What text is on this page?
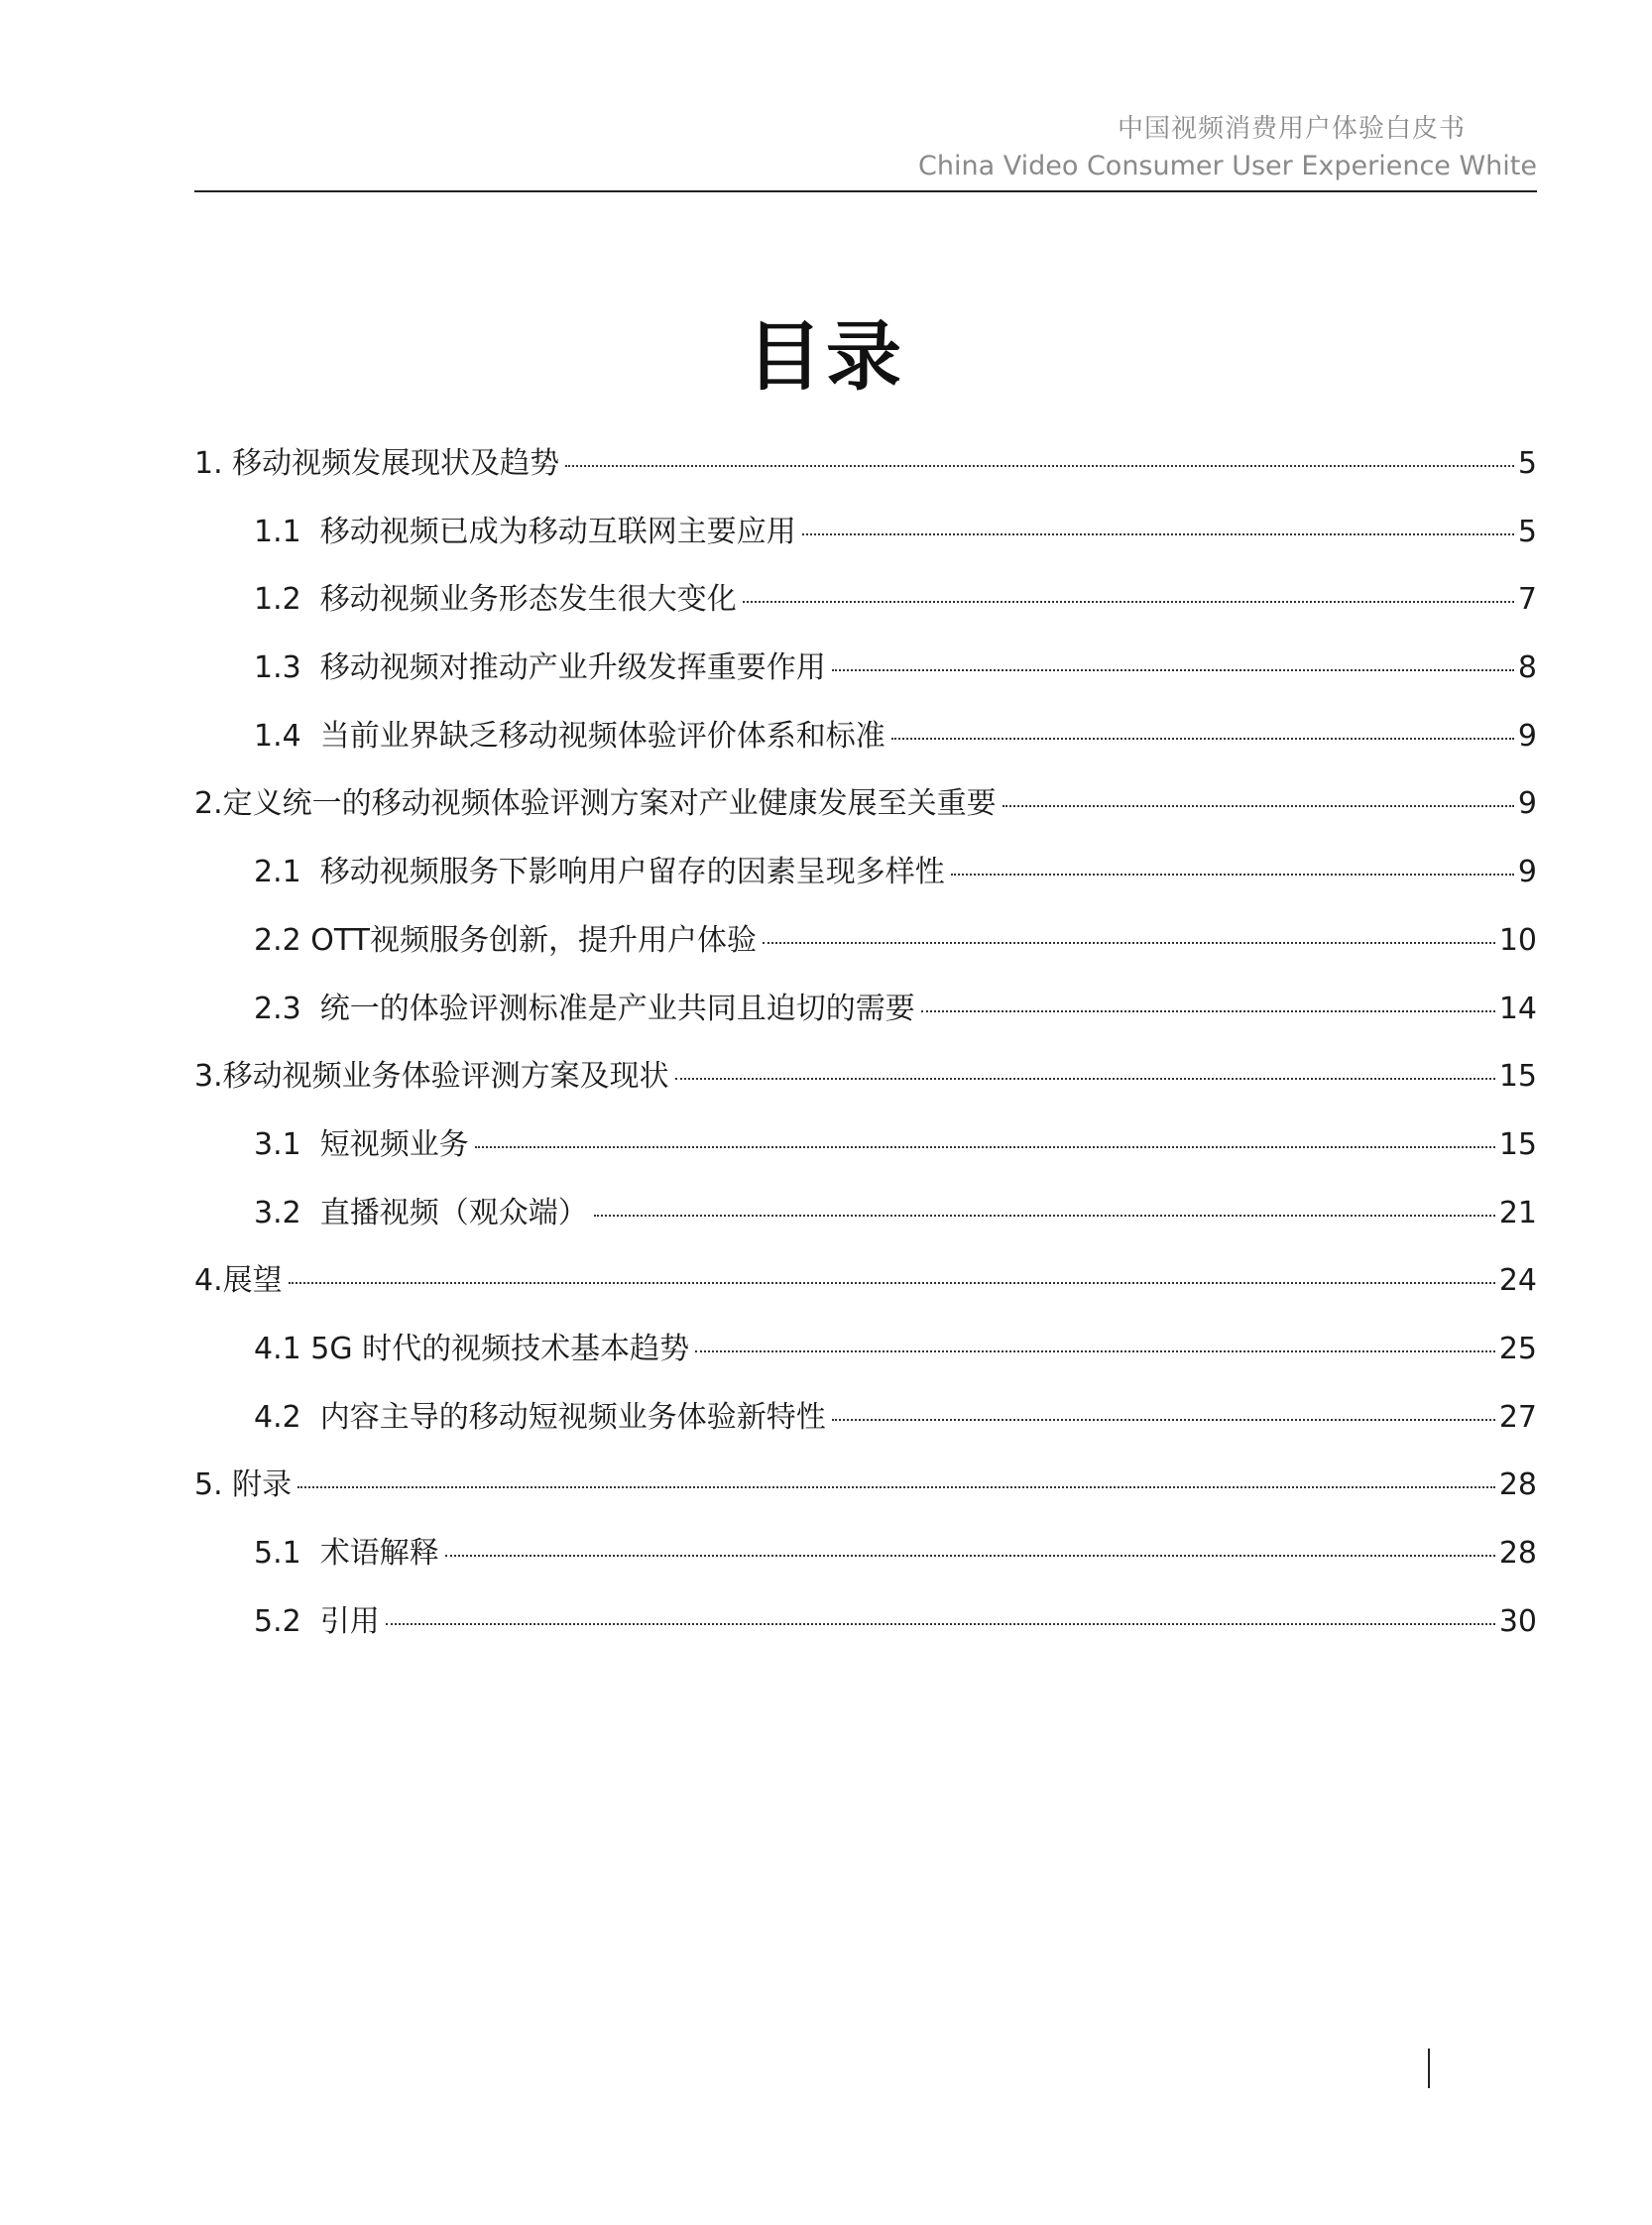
中国视频消费用户体验白皮书
China Video Consumer User Experience White
目录
1. 移动视频发展现状及趋势	5
1.1  移动视频已成为移动互联网主要应用	5
1.2  移动视频业务形态发生很大变化	7
1.3  移动视频对推动产业升级发挥重要作用	8
1.4  当前业界缺乏移动视频体验评价体系和标准	9
2.定义统一的移动视频体验评测方案对产业健康发展至关重要	9
2.1  移动视频服务下影响用户留存的因素呈现多样性	9
2.2 OTT视频服务创新，提升用户体验	10
2.3  统一的体验评测标准是产业共同且迫切的需要	14
3.移动视频业务体验评测方案及现状	15
3.1  短视频业务	15
3.2  直播视频（观众端）	21
4.展望	24
4.1 5G 时代的视频技术基本趋势	25
4.2  内容主导的移动短视频业务体验新特性	27
5. 附录	28
5.1  术语解释	28
5.2  引用	30
